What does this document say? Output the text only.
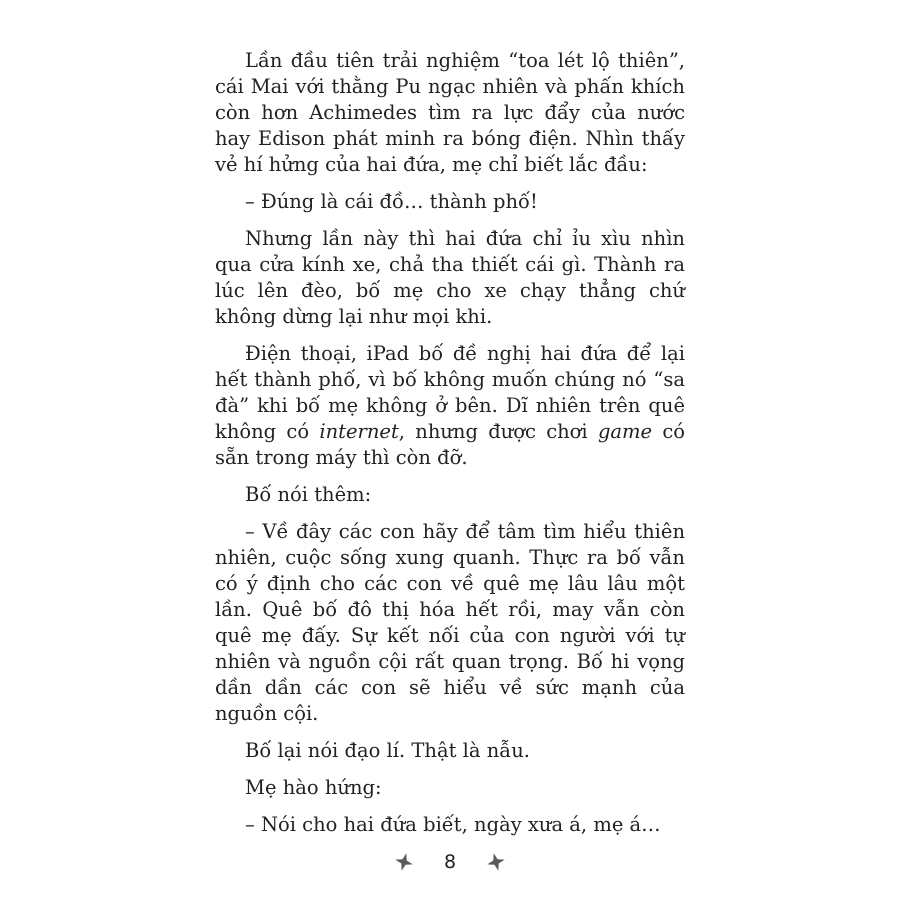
Lần đầu tiên trải nghiệm “toa lét lộ thiên”, cái Mai với thằng Pu ngạc nhiên và phấn khích còn hơn Achimedes tìm ra lực đẩy của nước hay Edison phát minh ra bóng điện. Nhìn thấy vẻ hí hửng của hai đứa, mẹ chỉ biết lắc đầu:

– Đúng là cái đồ… thành phố!

Nhưng lần này thì hai đứa chỉ ỉu xìu nhìn qua cửa kính xe, chả tha thiết cái gì. Thành ra lúc lên đèo, bố mẹ cho xe chạy thẳng chứ không dừng lại như mọi khi.

Điện thoại, iPad bố đề nghị hai đứa để lại hết thành phố, vì bố không muốn chúng nó “sa đà” khi bố mẹ không ở bên. Dĩ nhiên trên quê không có internet, nhưng được chơi game có sẵn trong máy thì còn đỡ.

Bố nói thêm:

– Về đây các con hãy để tâm tìm hiểu thiên nhiên, cuộc sống xung quanh. Thực ra bố vẫn có ý định cho các con về quê mẹ lâu lâu một lần. Quê bố đô thị hóa hết rồi, may vẫn còn quê mẹ đấy. Sự kết nối của con người với tự nhiên và nguồn cội rất quan trọng. Bố hi vọng dần dần các con sẽ hiểu về sức mạnh của nguồn cội.

Bố lại nói đạo lí. Thật là nẫu.

Mẹ hào hứng:

– Nói cho hai đứa biết, ngày xưa á, mẹ á…

8
